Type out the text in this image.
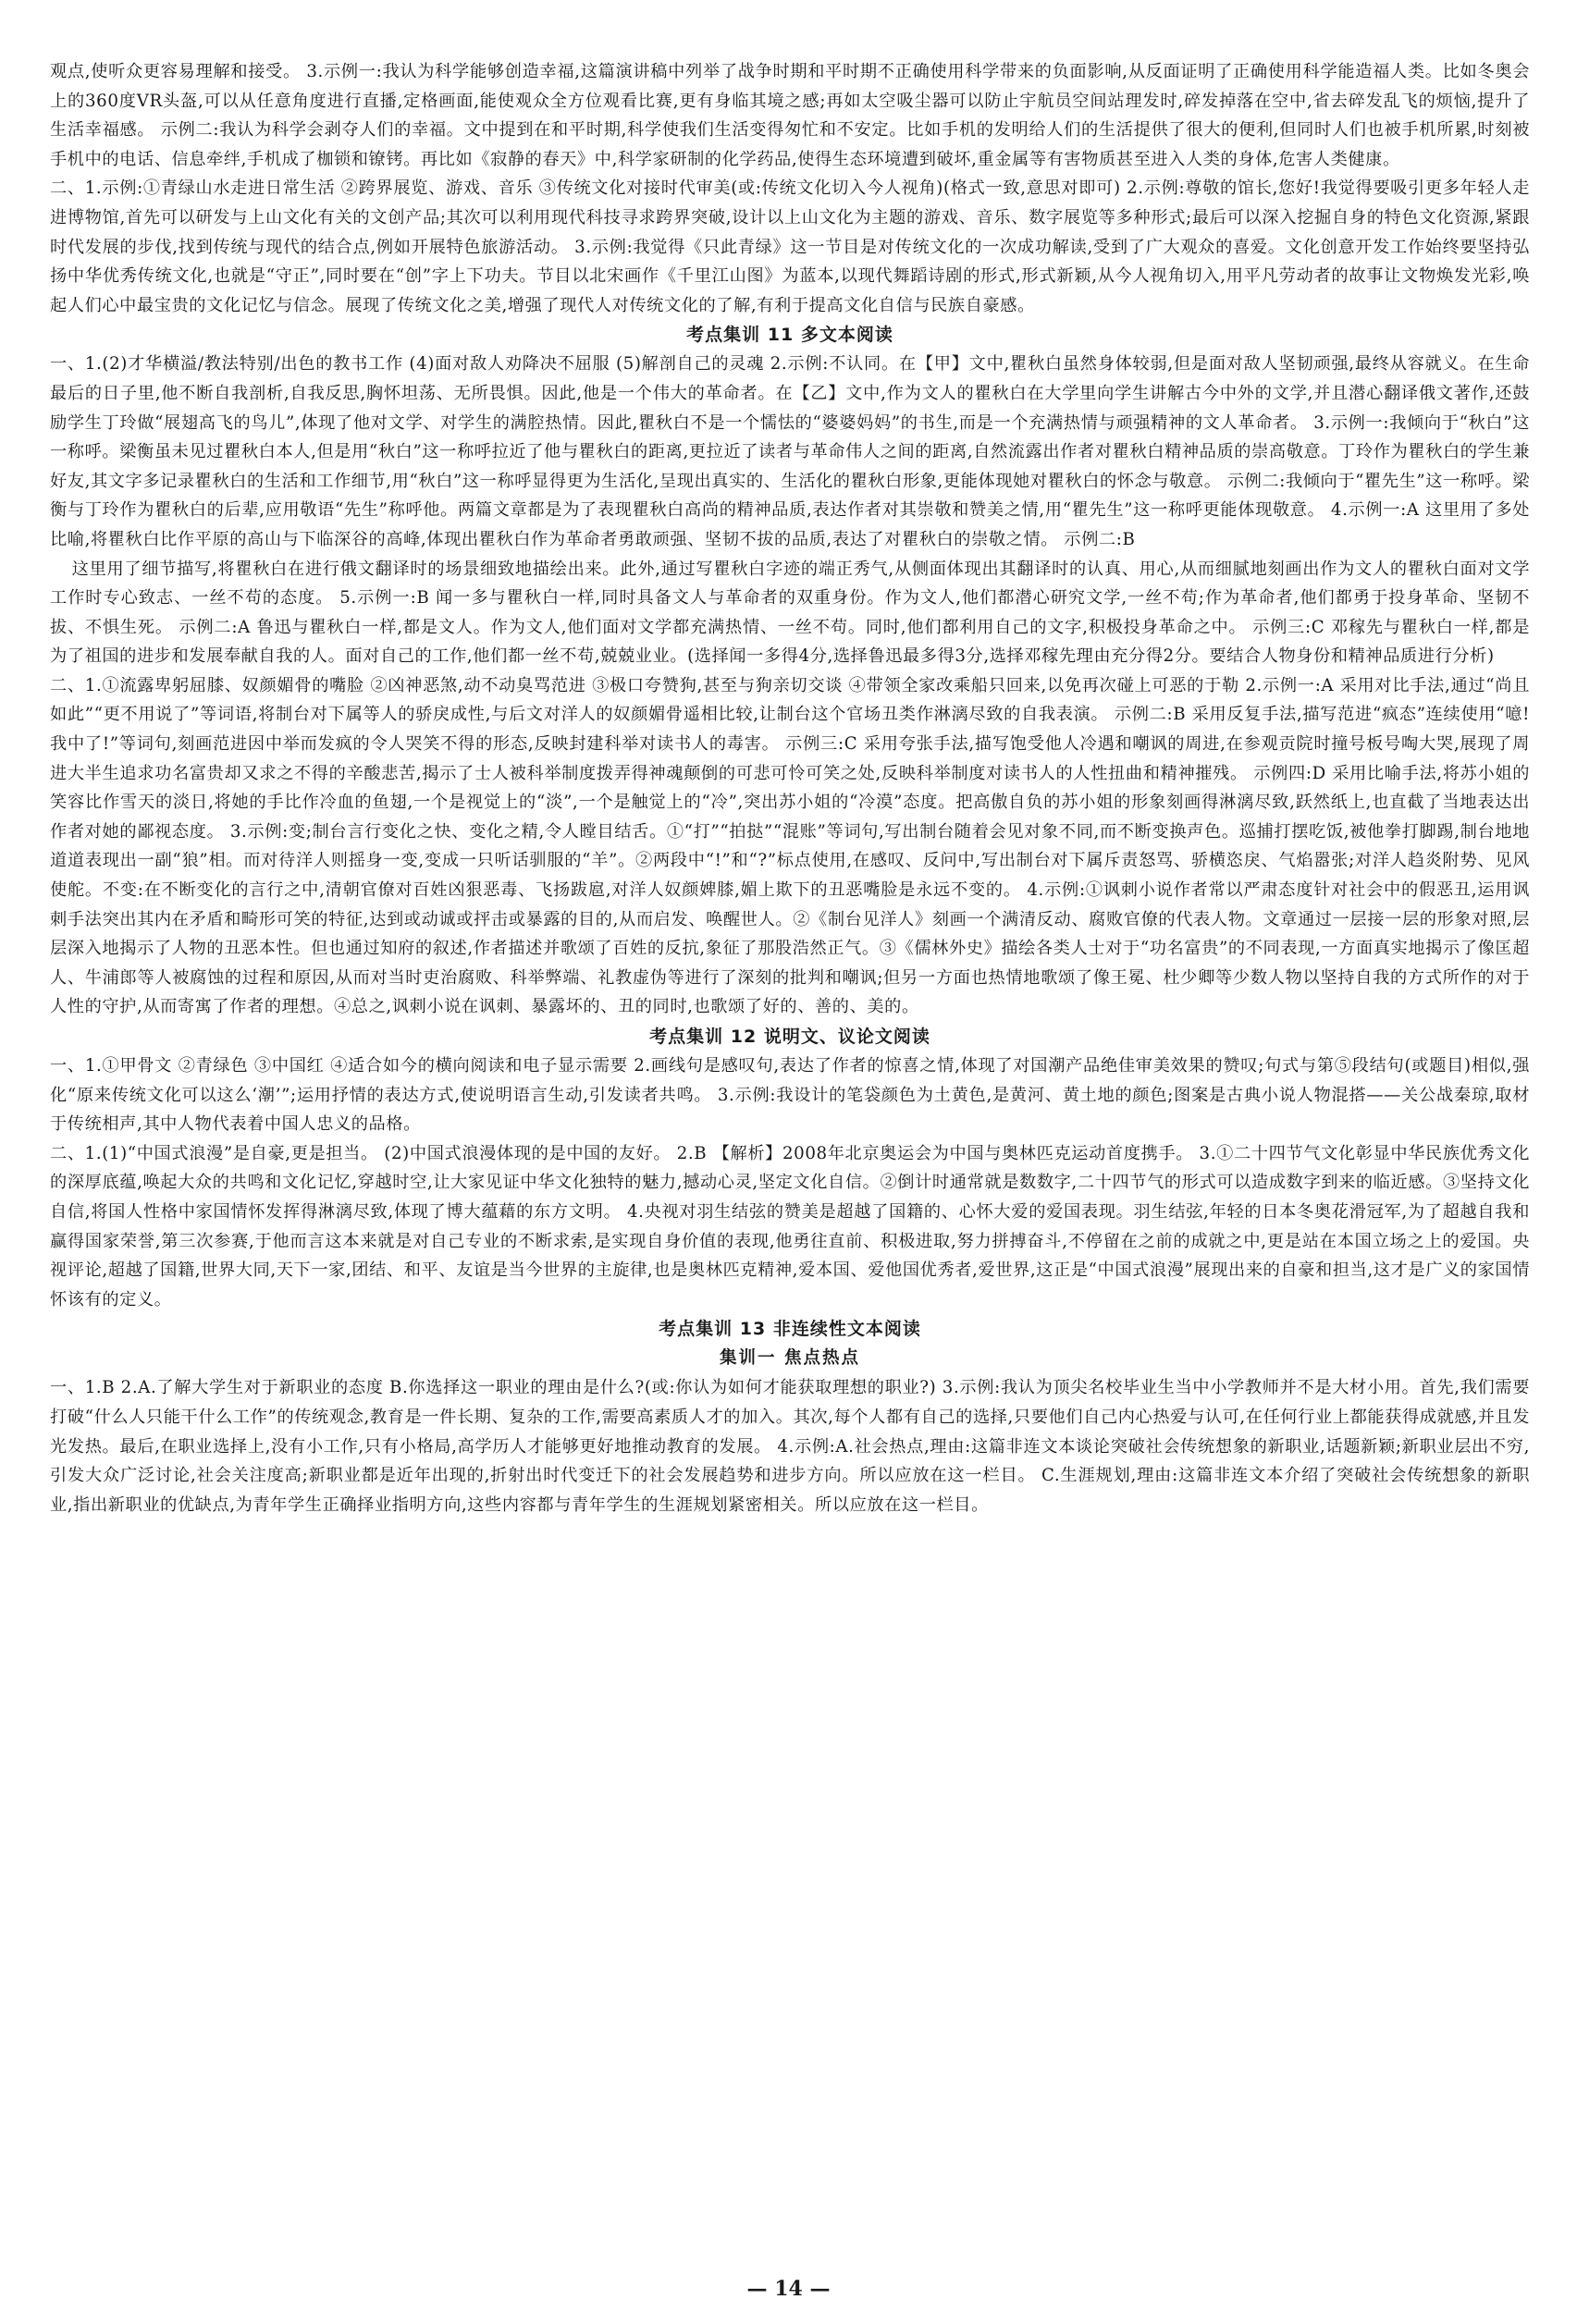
观点,使听众更容易理解和接受。 3.示例一:我认为科学能够创造幸福,这篇演讲稿中列举了战争时期和平时期不正确使用科学带来的负面影响,从反面证明了正确使用科学能造福人类。比如冬奥会上的360度VR头盔,可以从任意角度进行直播,定格画面,能使观众全方位观看比赛,更有身临其境之感;再如太空吸尘器可以防止宇航员空间站理发时,碎发掉落在空中,省去碎发乱飞的烦恼,提升了生活幸福感。 示例二:我认为科学会剥夺人们的幸福。文中提到在和平时期,科学使我们生活变得匆忙和不安定。比如手机的发明给人们的生活提供了很大的便利,但同时人们也被手机所累,时刻被手机中的电话、信息牵绊,手机成了枷锁和镣铐。再比如《寂静的春天》中,科学家研制的化学药品,使得生态环境遭到破坏,重金属等有害物质甚至进入人类的身体,危害人类健康。

二、1.示例:①青绿山水走进日常生活 ②跨界展览、游戏、音乐 ③传统文化对接时代审美(或:传统文化切入今人视角)(格式一致,意思对即可) 2.示例:尊敬的馆长,您好!我觉得要吸引更多年轻人走进博物馆,首先可以研发与上山文化有关的文创产品;其次可以利用现代科技寻求跨界突破,设计以上山文化为主题的游戏、音乐、数字展览等多种形式;最后可以深入挖掘自身的特色文化资源,紧跟时代发展的步伐,找到传统与现代的结合点,例如开展特色旅游活动。 3.示例:我觉得《只此青绿》这一节目是对传统文化的一次成功解读,受到了广大观众的喜爱。文化创意开发工作始终要坚持弘扬中华优秀传统文化,也就是“守正”,同时要在“创”字上下功夫。节目以北宋画作《千里江山图》为蓝本,以现代舞蹈诗剧的形式,形式新颖,从今人视角切入,用平凡劳动者的故事让文物焕发光彩,唤起人们心中最宝贵的文化记忆与信念。展现了传统文化之美,增强了现代人对传统文化的了解,有利于提高文化自信与民族自豪感。

考点集训 11 多文本阅读

一、1.(2)才华横溢/教法特别/出色的教书工作 (4)面对敌人劝降决不屈服 (5)解剖自己的灵魂 2.示例:不认同。在【甲】文中,瞿秋白虽然身体较弱,但是面对敌人坚韧顽强,最终从容就义。在生命最后的日子里,他不断自我剖析,自我反思,胸怀坦荡、无所畏惧。因此,他是一个伟大的革命者。在【乙】文中,作为文人的瞿秋白在大学里向学生讲解古今中外的文学,并且潜心翻译俄文著作,还鼓励学生丁玲做“展翅高飞的鸟儿”,体现了他对文学、对学生的满腔热情。因此,瞿秋白不是一个懦怯的“婆婆妈妈”的书生,而是一个充满热情与顽强精神的文人革命者。 3.示例一:我倾向于“秋白”这一称呼。梁衡虽未见过瞿秋白本人,但是用“秋白”这一称呼拉近了他与瞿秋白的距离,更拉近了读者与革命伟人之间的距离,自然流露出作者对瞿秋白精神品质的崇高敬意。丁玲作为瞿秋白的学生兼好友,其文字多记录瞿秋白的生活和工作细节,用“秋白”这一称呼显得更为生活化,呈现出真实的、生活化的瞿秋白形象,更能体现她对瞿秋白的怀念与敬意。 示例二:我倾向于“瞿先生”这一称呼。梁衡与丁玲作为瞿秋白的后辈,应用敬语“先生”称呼他。两篇文章都是为了表现瞿秋白高尚的精神品质,表达作者对其崇敬和赞美之情,用“瞿先生”这一称呼更能体现敬意。 4.示例一:A 这里用了多处比喻,将瞿秋白比作平原的高山与下临深谷的高峰,体现出瞿秋白作为革命者勇敢顽强、坚韧不拔的品质,表达了对瞿秋白的崇敬之情。 示例二:B

这里用了细节描写,将瞿秋白在进行俄文翻译时的场景细致地描绘出来。此外,通过写瞿秋白字迹的端正秀气,从侧面体现出其翻译时的认真、用心,从而细腻地刻画出作为文人的瞿秋白面对文学工作时专心致志、一丝不苟的态度。 5.示例一:B 闻一多与瞿秋白一样,同时具备文人与革命者的双重身份。作为文人,他们都潜心研究文学,一丝不苟;作为革命者,他们都勇于投身革命、坚韧不拔、不惧生死。 示例二:A 鲁迅与瞿秋白一样,都是文人。作为文人,他们面对文学都充满热情、一丝不苟。同时,他们都利用自己的文字,积极投身革命之中。 示例三:C 邓稼先与瞿秋白一样,都是为了祖国的进步和发展奉献自我的人。面对自己的工作,他们都一丝不苟,兢兢业业。(选择闻一多得4分,选择鲁迅最多得3分,选择邓稼先理由充分得2分。要结合人物身份和精神品质进行分析)

二、1.①流露卑躬屈膝、奴颜媚骨的嘴脸 ②凶神恶煞,动不动臭骂范进 ③极口夸赞狗,甚至与狗亲切交谈 ④带领全家改乘船只回来,以免再次碰上可恶的于勒 2.示例一:A 采用对比手法,通过“尚且如此”“更不用说了”等词语,将制台对下属等人的骄戾成性,与后文对洋人的奴颜媚骨遥相比较,让制台这个官场丑类作淋漓尽致的自我表演。 示例二:B 采用反复手法,描写范进“疯态”连续使用“噫!我中了!”等词句,刻画范进因中举而发疯的令人哭笑不得的形态,反映封建科举对读书人的毒害。 示例三:C 采用夸张手法,描写饱受他人冷遇和嘲讽的周进,在参观贡院时撞号板号啕大哭,展现了周进大半生追求功名富贵却又求之不得的辛酸悲苦,揭示了士人被科举制度拨弄得神魂颠倒的可悲可怜可笑之处,反映科举制度对读书人的人性扭曲和精神摧残。 示例四:D 采用比喻手法,将苏小姐的笑容比作雪天的淡日,将她的手比作冷血的鱼翅,一个是视觉上的“淡”,一个是触觉上的“冷”,突出苏小姐的“冷漠”态度。把高傲自负的苏小姐的形象刻画得淋漓尽致,跃然纸上,也直截了当地表达出作者对她的鄙视态度。 3.示例:变;制台言行变化之快、变化之精,令人瞠目结舌。①“打”“拍挞”“混账”等词句,写出制台随着会见对象不同,而不断变换声色。巡捕打摆吃饭,被他拳打脚踢,制台地地道道表现出一副“狼”相。而对待洋人则摇身一变,变成一只听话驯服的“羊”。②两段中“!”和“?”标点使用,在感叹、反问中,写出制台对下属斥责怒骂、骄横恣戾、气焰嚣张;对洋人趋炎附势、见风使舵。不变:在不断变化的言行之中,清朝官僚对百姓凶狠恶毒、飞扬跋扈,对洋人奴颜婢膝,媚上欺下的丑恶嘴脸是永远不变的。 4.示例:①讽刺小说作者常以严肃态度针对社会中的假恶丑,运用讽刺手法突出其内在矛盾和畸形可笑的特征,达到或动诚或抨击或暴露的目的,从而启发、唤醒世人。②《制台见洋人》刻画一个满清反动、腐败官僚的代表人物。文章通过一层接一层的形象对照,层层深入地揭示了人物的丑恶本性。但也通过知府的叙述,作者描述并歌颂了百姓的反抗,象征了那股浩然正气。③《儒林外史》描绘各类人士对于“功名富贵”的不同表现,一方面真实地揭示了像匡超人、牛浦郎等人被腐蚀的过程和原因,从而对当时吏治腐败、科举弊端、礼教虚伪等进行了深刻的批判和嘲讽;但另一方面也热情地歌颂了像王冕、杜少卿等少数人物以坚持自我的方式所作的对于人性的守护,从而寄寓了作者的理想。④总之,讽刺小说在讽刺、暴露坏的、丑的同时,也歌颂了好的、善的、美的。

考点集训 12 说明文、议论文阅读

一、1.①甲骨文 ②青绿色 ③中国红 ④适合如今的横向阅读和电子显示需要 2.画线句是感叹句,表达了作者的惊喜之情,体现了对国潮产品绝佳审美效果的赞叹;句式与第⑤段结句(或题目)相似,强化“原来传统文化可以这么‘潮’”;运用抒情的表达方式,使说明语言生动,引发读者共鸣。 3.示例:我设计的笔袋颜色为土黄色,是黄河、黄土地的颜色;图案是古典小说人物混搭——关公战秦琼,取材于传统相声,其中人物代表着中国人忠义的品格。

二、1.(1)“中国式浪漫”是自豪,更是担当。 (2)中国式浪漫体现的是中国的友好。 2.B 【解析】2008年北京奥运会为中国与奥林匹克运动首度携手。 3.①二十四节气文化彰显中华民族优秀文化的深厚底蕴,唤起大众的共鸣和文化记忆,穿越时空,让大家见证中华文化独特的魅力,撼动心灵,坚定文化自信。②倒计时通常就是数数字,二十四节气的形式可以造成数字到来的临近感。③坚持文化自信,将国人性格中家国情怀发挥得淋漓尽致,体现了博大蕴藉的东方文明。 4.央视对羽生结弦的赞美是超越了国籍的、心怀大爱的爱国表现。羽生结弦,年轻的日本冬奥花滑冠军,为了超越自我和赢得国家荣誉,第三次参赛,于他而言这本来就是对自己专业的不断求索,是实现自身价值的表现,他勇往直前、积极进取,努力拼搏奋斗,不停留在之前的成就之中,更是站在本国立场之上的爱国。央视评论,超越了国籍,世界大同,天下一家,团结、和平、友谊是当今世界的主旋律,也是奥林匹克精神,爱本国、爱他国优秀者,爱世界,这正是“中国式浪漫”展现出来的自豪和担当,这才是广义的家国情怀该有的定义。

考点集训 13 非连续性文本阅读

集训一 焦点热点

一、1.B 2.A.了解大学生对于新职业的态度 B.你选择这一职业的理由是什么?(或:你认为如何才能获取理想的职业?) 3.示例:我认为顶尖名校毕业生当中小学教师并不是大材小用。首先,我们需要打破“什么人只能干什么工作”的传统观念,教育是一件长期、复杂的工作,需要高素质人才的加入。其次,每个人都有自己的选择,只要他们自己内心热爱与认可,在任何行业上都能获得成就感,并且发光发热。最后,在职业选择上,没有小工作,只有小格局,高学历人才能够更好地推动教育的发展。 4.示例:A.社会热点,理由:这篇非连文本谈论突破社会传统想象的新职业,话题新颖;新职业层出不穷,引发大众广泛讨论,社会关注度高;新职业都是近年出现的,折射出时代变迁下的社会发展趋势和进步方向。所以应放在这一栏目。 C.生涯规划,理由:这篇非连文本介绍了突破社会传统想象的新职业,指出新职业的优缺点,为青年学生正确择业指明方向,这些内容都与青年学生的生涯规划紧密相关。所以应放在这一栏目。

— 14 —
